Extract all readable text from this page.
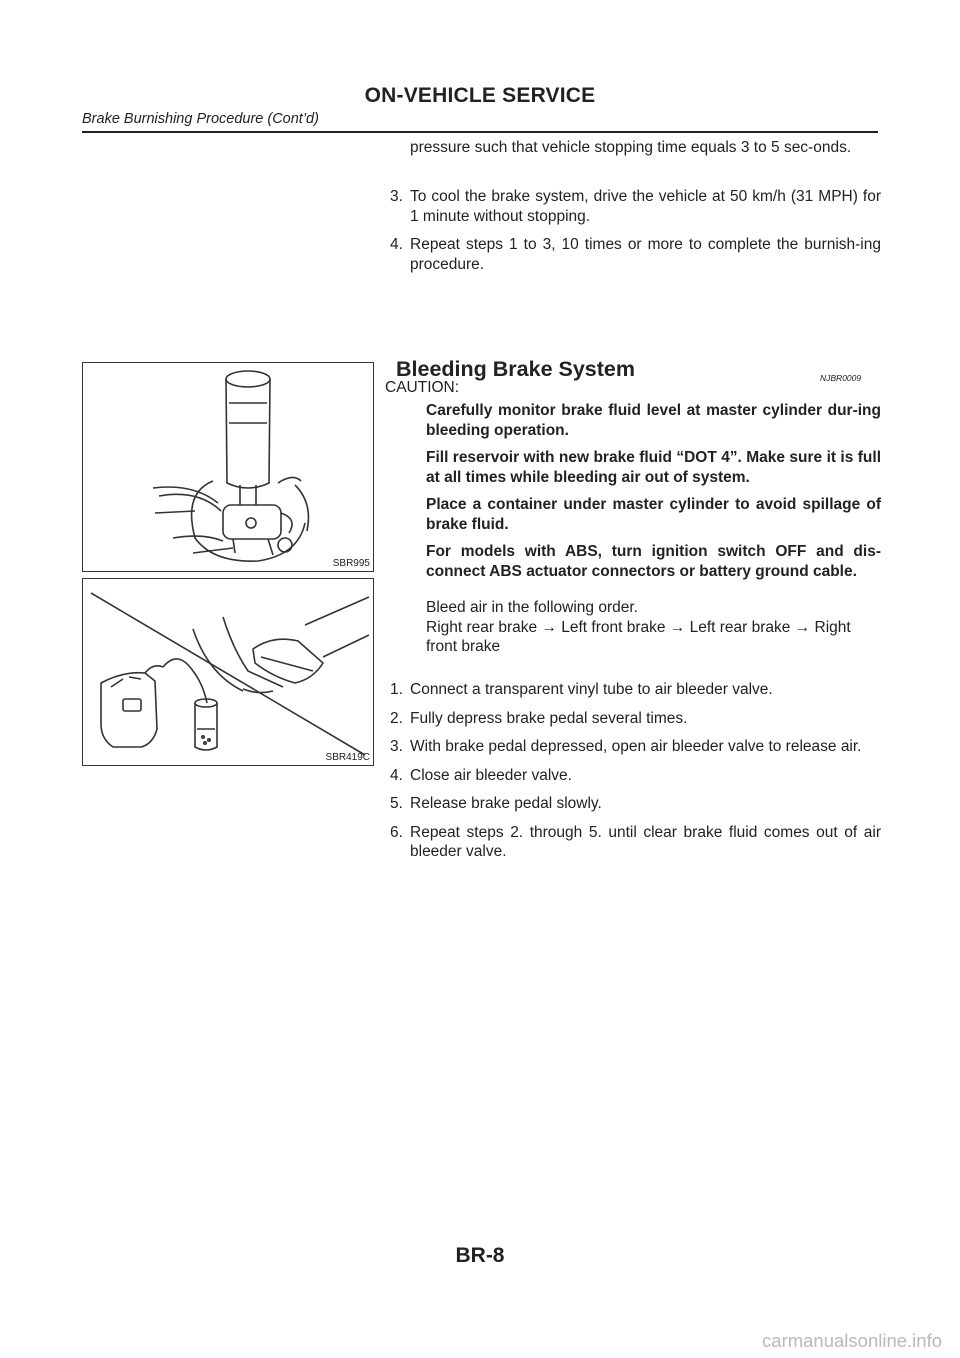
ON-VEHICLE SERVICE
Brake Burnishing Procedure (Cont’d)
pressure such that vehicle stopping time equals 3 to 5 sec-onds.
3. To cool the brake system, drive the vehicle at 50 km/h (31 MPH) for 1 minute without stopping.
4. Repeat steps 1 to 3, 10 times or more to complete the burnish-ing procedure.
SBR995
SBR419C
Bleeding Brake System	NJBR0009
CAUTION:

Carefully monitor brake fluid level at master cylinder dur-ing bleeding operation.

Fill reservoir with new brake fluid “DOT 4”. Make sure it is full at all times while bleeding air out of system.

Place a container under master cylinder to avoid spillage of brake fluid.

For models with ABS, turn ignition switch OFF and dis-connect ABS actuator connectors or battery ground cable.

Bleed air in the following order.

Right rear brake → Left front brake → Left rear brake → Right front brake

1. Connect a transparent vinyl tube to air bleeder valve.
2. Fully depress brake pedal several times.
3. With brake pedal depressed, open air bleeder valve to release air.
4. Close air bleeder valve.
5. Release brake pedal slowly.
6. Repeat steps 2. through 5. until clear brake fluid comes out of air bleeder valve.
BR-8
carmanualsonline.info
